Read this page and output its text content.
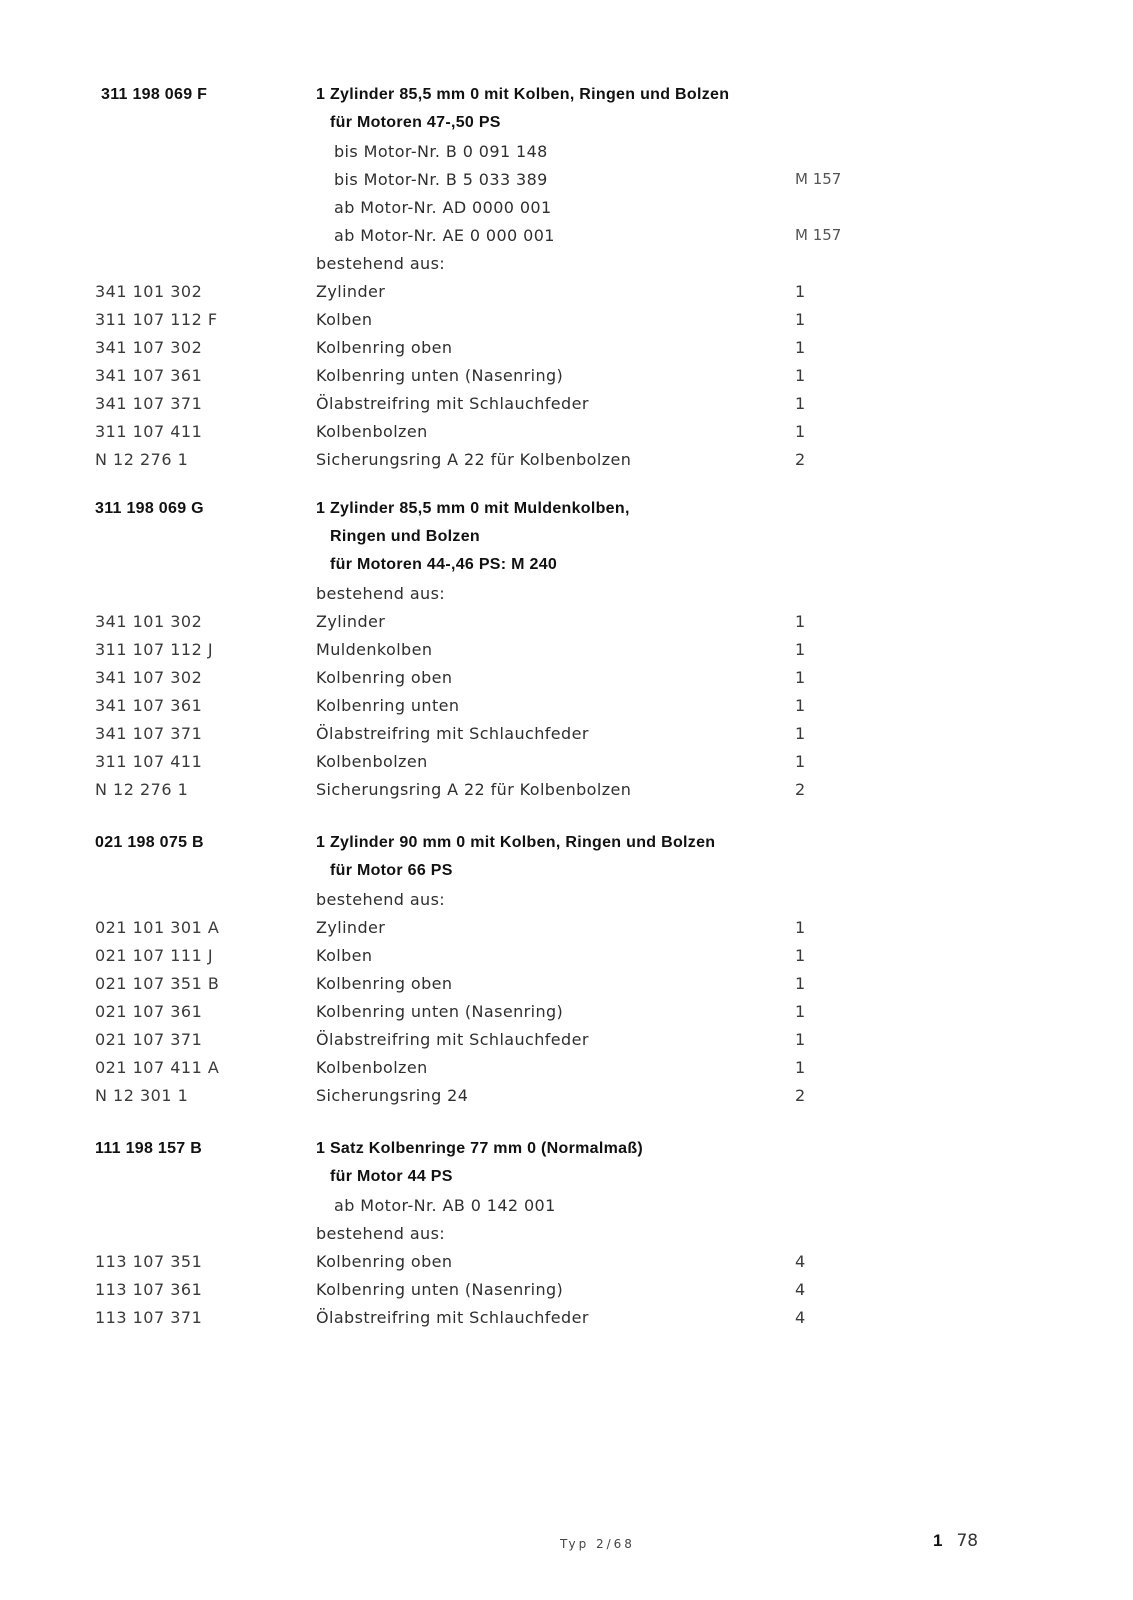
311 198 069 F	1 Zylinder 85,5 mm 0 mit Kolben, Ringen und Bolzen
für Motoren 47-,50 PS
bis Motor-Nr. B 0 091 148
bis Motor-Nr. B 5 033 389	M 157
ab Motor-Nr. AD 0000 001
ab Motor-Nr. AE 0 000 001	M 157
bestehend aus:
341 101 302	Zylinder	1
311 107 112 F	Kolben	1
341 107 302	Kolbenring oben	1
341 107 361	Kolbenring unten (Nasenring)	1
341 107 371	Ölabstreifring mit Schlauchfeder	1
311 107 411	Kolbenbolzen	1
N 12 276 1	Sicherungsring A 22 für Kolbenbolzen	2
311 198 069 G	1 Zylinder 85,5 mm 0 mit Muldenkolben,
Ringen und Bolzen
für Motoren 44-,46 PS: M 240
bestehend aus:
341 101 302	Zylinder	1
311 107 112 J	Muldenkolben	1
341 107 302	Kolbenring oben	1
341 107 361	Kolbenring unten	1
341 107 371	Ölabstreifring mit Schlauchfeder	1
311 107 411	Kolbenbolzen	1
N 12 276 1	Sicherungsring A 22 für Kolbenbolzen	2
021 198 075 B	1 Zylinder 90 mm 0 mit Kolben, Ringen und Bolzen
für Motor 66 PS
bestehend aus:
021 101 301 A	Zylinder	1
021 107 111 J	Kolben	1
021 107 351 B	Kolbenring oben	1
021 107 361	Kolbenring unten (Nasenring)	1
021 107 371	Ölabstreifring mit Schlauchfeder	1
021 107 411 A	Kolbenbolzen	1
N 12 301 1	Sicherungsring 24	2
111 198 157 B	1 Satz Kolbenringe 77 mm 0 (Normalmaß)
für Motor 44 PS
ab Motor-Nr. AB 0 142 001
bestehend aus:
113 107 351	Kolbenring oben	4
113 107 361	Kolbenring unten (Nasenring)	4
113 107 371	Ölabstreifring mit Schlauchfeder	4
Typ 2/68	1 78
